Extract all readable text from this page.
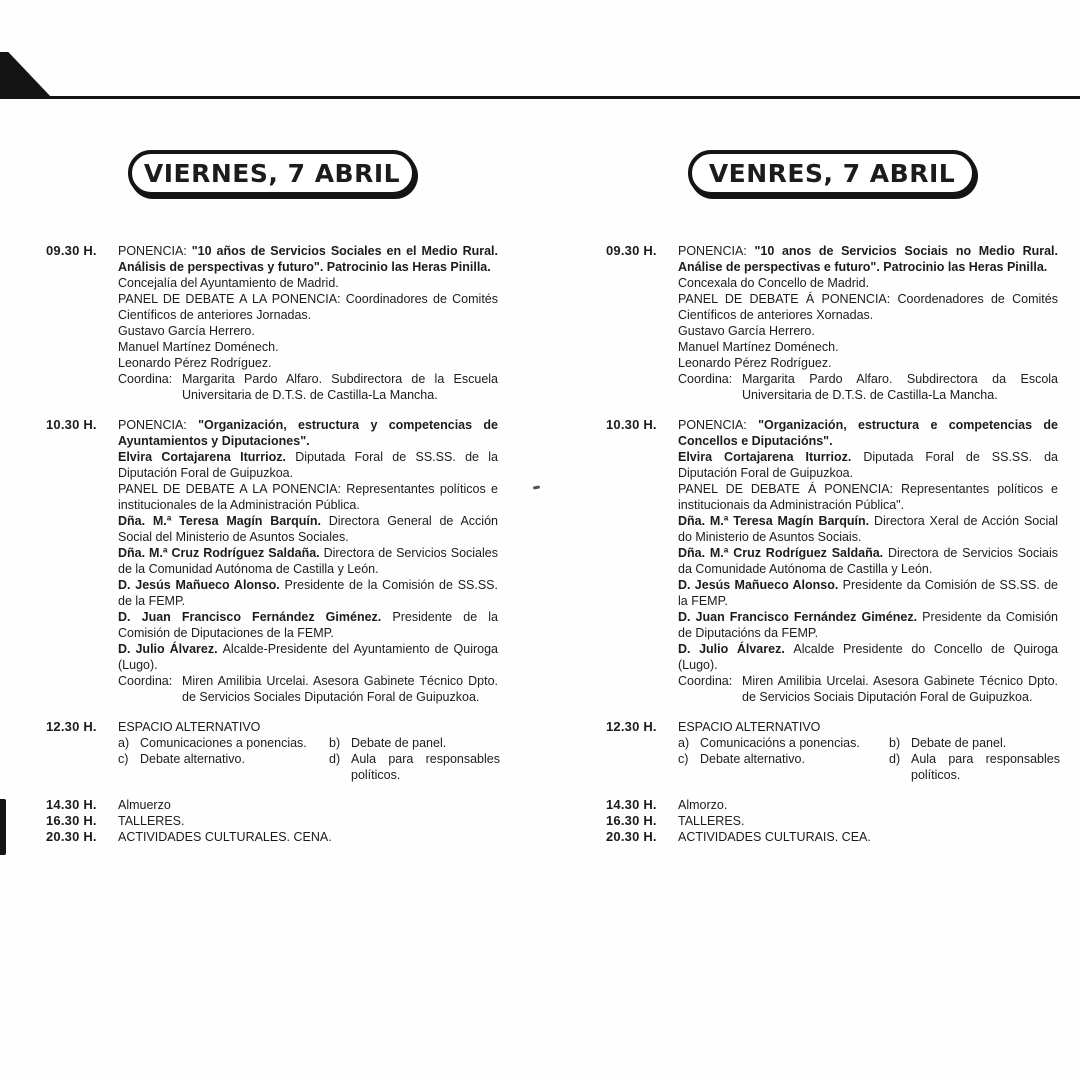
VIERNES, 7 ABRIL
09.30 H.	PONENCIA: "10 años de Servicios Sociales en el Medio Rural. Análisis de perspectivas y futuro". Patrocinio las Heras Pinilla.
Concejalía del Ayuntamiento de Madrid.
PANEL DE DEBATE A LA PONENCIA: Coordinadores de Comités Científicos de anteriores Jornadas.
Gustavo García Herrero.
Manuel Martínez Doménech.
Leonardo Pérez Rodríguez.
Coordina: Margarita Pardo Alfaro. Subdirectora de la Escuela Universitaria de D.T.S. de Castilla-La Mancha.
10.30 H.	PONENCIA: "Organización, estructura y competencias de Ayuntamientos y Diputaciones".
Elvira Cortajarena Iturrioz. Diputada Foral de SS.SS. de la Diputación Foral de Guipuzkoa.
PANEL DE DEBATE A LA PONENCIA: Representantes políticos e institucionales de la Administración Pública.
Dña. M.ª Teresa Magín Barquín. Directora General de Acción Social del Ministerio de Asuntos Sociales.
Dña. M.ª Cruz Rodríguez Saldaña. Directora de Servicios Sociales de la Comunidad Autónoma de Castilla y León.
D. Jesús Mañueco Alonso. Presidente de la Comisión de SS.SS. de la FEMP.
D. Juan Francisco Fernández Giménez. Presidente de la Comisión de Diputaciones de la FEMP.
D. Julio Álvarez. Alcalde-Presidente del Ayuntamiento de Quiroga (Lugo).
Coordina: Miren Amilibia Urcelai. Asesora Gabinete Técnico Dpto. de Servicios Sociales Diputación Foral de Guipuzkoa.
12.30 H.	ESPACIO ALTERNATIVO
a) Comunicaciones a ponencias.	b) Debate de panel.
c) Debate alternativo.	d) Aula para responsables políticos.
14.30 H.	Almuerzo
16.30 H.	TALLERES.
20.30 H.	ACTIVIDADES CULTURALES. CENA.
VENRES, 7 ABRIL
09.30 H.	PONENCIA: "10 anos de Servicios Sociais no Medio Rural. Análise de perspectivas e futuro". Patrocinio las Heras Pinilla.
Concexala do Concello de Madrid.
PANEL DE DEBATE Á PONENCIA: Coordenadores de Comités Científicos de anteriores Xornadas.
Gustavo García Herrero.
Manuel Martínez Doménech.
Leonardo Pérez Rodríguez.
Coordina: Margarita Pardo Alfaro. Subdirectora da Escola Universitaria de D.T.S. de Castilla-La Mancha.
10.30 H.	PONENCIA: "Organización, estructura e competencias de Concellos e Diputacións".
Elvira Cortajarena Iturrioz. Diputada Foral de SS.SS. da Diputación Foral de Guipuzkoa.
PANEL DE DEBATE Á PONENCIA: Representantes políticos e institucionais da Administración Pública".
Dña. M.ª Teresa Magín Barquín. Directora Xeral de Acción Social do Ministerio de Asuntos Sociais.
Dña. M.ª Cruz Rodríguez Saldaña. Directora de Servicios Sociais da Comunidade Autónoma de Castilla y León.
D. Jesús Mañueco Alonso. Presidente da Comisión de SS.SS. de la FEMP.
D. Juan Francisco Fernández Giménez. Presidente da Comisión de Diputacións da FEMP.
D. Julio Álvarez. Alcalde Presidente do Concello de Quiroga (Lugo).
Coordina: Miren Amilibia Urcelai. Asesora Gabinete Técnico Dpto. de Servicios Sociais Diputación Foral de Guipuzkoa.
12.30 H.	ESPACIO ALTERNATIVO
a) Comunicacións a ponencias.	b) Debate de panel.
c) Debate alternativo.	d) Aula para responsables políticos.
14.30 H.	Almorzo.
16.30 H.	TALLERES.
20.30 H.	ACTIVIDADES CULTURAIS. CEA.
